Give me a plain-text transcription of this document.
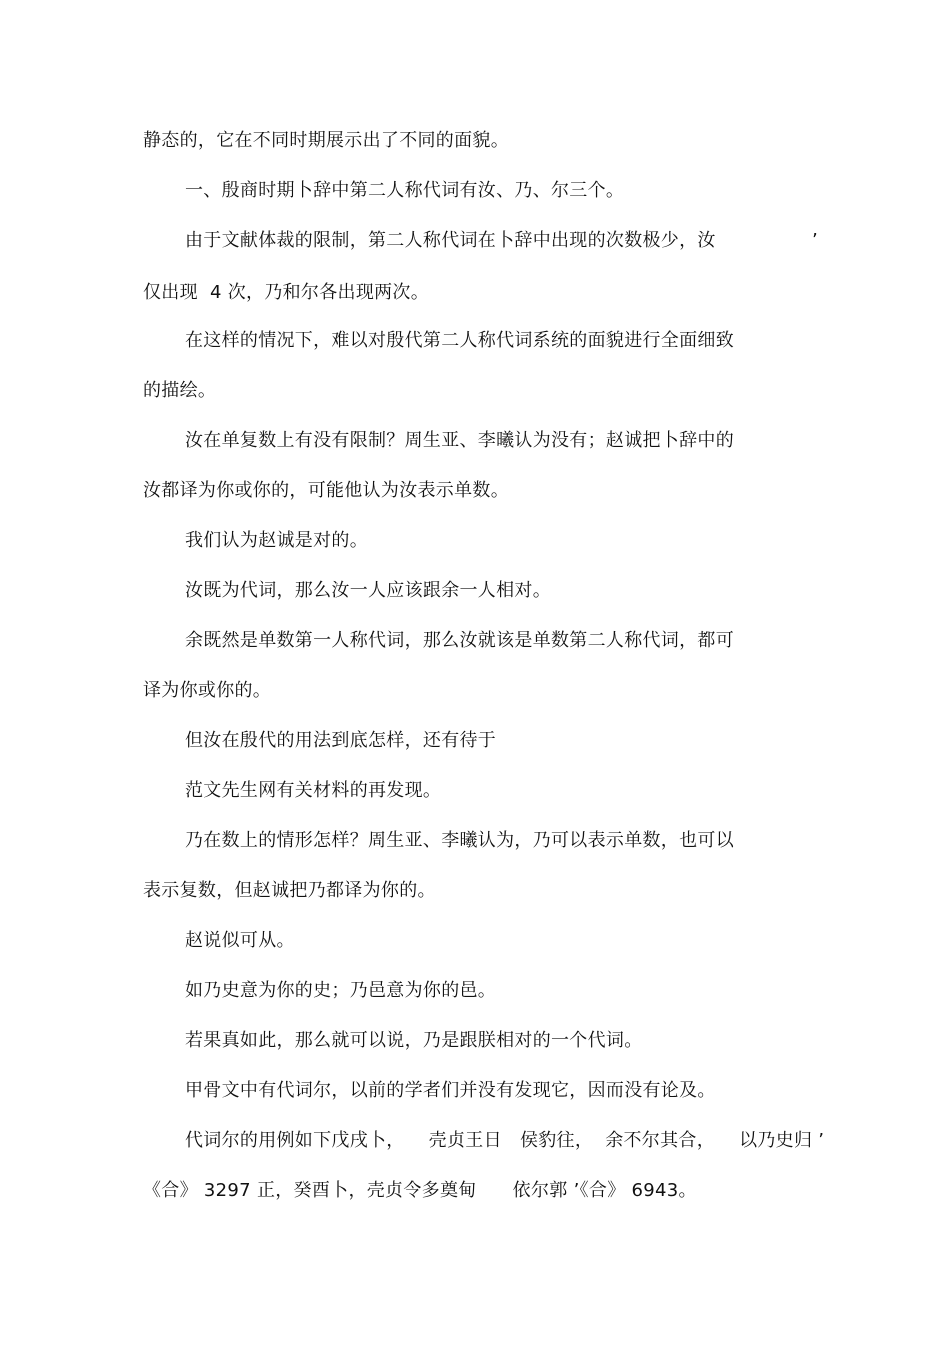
静态的，它在不同时期展示出了不同的面貌。
一、殷商时期卜辞中第二人称代词有汝、乃、尔三个。
由于文献体裁的限制，第二人称代词在卜辞中出现的次数极少，汝                ’
仅出现  4 次，乃和尔各出现两次。
在这样的情况下，难以对殷代第二人称代词系统的面貌进行全面细致
的描绘。
汝在单复数上有没有限制？周生亚、李曦认为没有；赵诚把卜辞中的
汝都译为你或你的，可能他认为汝表示单数。
我们认为赵诚是对的。
汝既为代词，那么汝一人应该跟余一人相对。
余既然是单数第一人称代词，那么汝就该是单数第二人称代词，都可
译为你或你的。
但汝在殷代的用法到底怎样，还有待于
范文先生网有关材料的再发现。
乃在数上的情形怎样？周生亚、李曦认为，乃可以表示单数，也可以
表示复数，但赵诚把乃都译为你的。
赵说似可从。
如乃史意为你的史；乃邑意为你的邑。
若果真如此，那么就可以说，乃是跟朕相对的一个代词。
甲骨文中有代词尔，以前的学者们并没有发现它，因而没有论及。
代词尔的用例如下戊戌卜，    壳贞王日   侯豹往，  余不尔其合，    以乃史归 ’
《合》 3297 正，癸酉卜，壳贞令多奠甸      依尔郭 ’《合》 6943。
